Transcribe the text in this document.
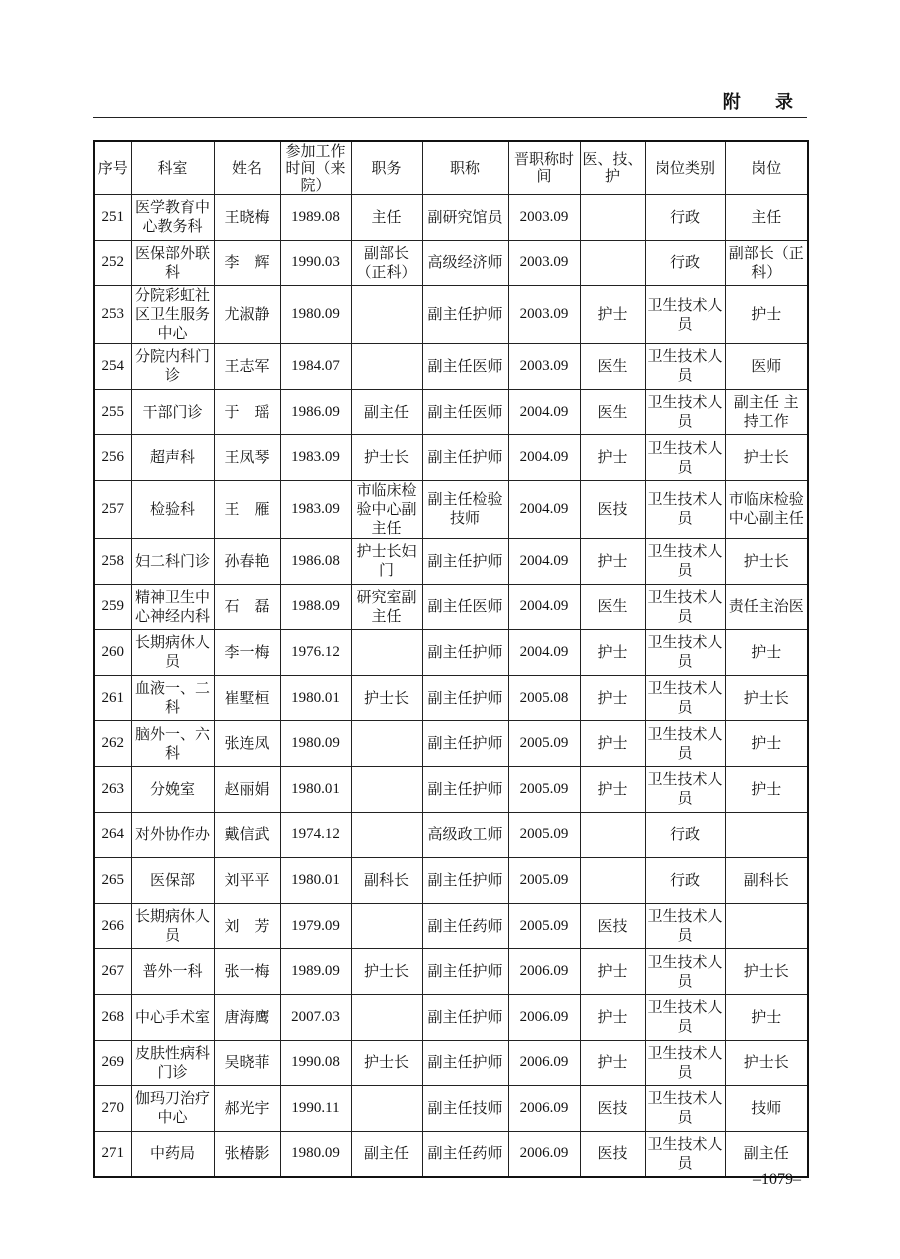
附 录
序号	科室	姓名	参加工作时间（来院）	职务	职称	晋职称时间	医、技、护	岗位类别	岗位
251	医学教育中心教务科	王晓梅	1989.08	主任	副研究馆员	2003.09		行政	主任
252	医保部外联科	李　辉	1990.03	副部长（正科）	高级经济师	2003.09		行政	副部长（正科）
253	分院彩虹社区卫生服务中心	尤淑静	1980.09		副主任护师	2003.09	护士	卫生技术人员	护士
254	分院内科门诊	王志军	1984.07		副主任医师	2003.09	医生	卫生技术人员	医师
255	干部门诊	于　瑶	1986.09	副主任	副主任医师	2004.09	医生	卫生技术人员	副主任 主持工作
256	超声科	王凤琴	1983.09	护士长	副主任护师	2004.09	护士	卫生技术人员	护士长
257	检验科	王　雁	1983.09	市临床检验中心副主任	副主任检验技师	2004.09	医技	卫生技术人员	市临床检验中心副主任
258	妇二科门诊	孙春艳	1986.08	护士长妇门	副主任护师	2004.09	护士	卫生技术人员	护士长
259	精神卫生中心神经内科	石　磊	1988.09	研究室副主任	副主任医师	2004.09	医生	卫生技术人员	责任主治医
260	长期病休人员	李一梅	1976.12		副主任护师	2004.09	护士	卫生技术人员	护士
261	血液一、二科	崔墅桓	1980.01	护士长	副主任护师	2005.08	护士	卫生技术人员	护士长
262	脑外一、六科	张连凤	1980.09		副主任护师	2005.09	护士	卫生技术人员	护士
263	分娩室	赵丽娟	1980.01		副主任护师	2005.09	护士	卫生技术人员	护士
264	对外协作办	戴信武	1974.12		高级政工师	2005.09		行政	
265	医保部	刘平平	1980.01	副科长	副主任护师	2005.09		行政	副科长
266	长期病休人员	刘　芳	1979.09		副主任药师	2005.09	医技	卫生技术人员	
267	普外一科	张一梅	1989.09	护士长	副主任护师	2006.09	护士	卫生技术人员	护士长
268	中心手术室	唐海鹰	2007.03		副主任护师	2006.09	护士	卫生技术人员	护士
269	皮肤性病科门诊	吴晓菲	1990.08	护士长	副主任护师	2006.09	护士	卫生技术人员	护士长
270	伽玛刀治疗中心	郝光宇	1990.11		副主任技师	2006.09	医技	卫生技术人员	技师
271	中药局	张椿影	1980.09	副主任	副主任药师	2006.09	医技	卫生技术人员	副主任
–1079–
